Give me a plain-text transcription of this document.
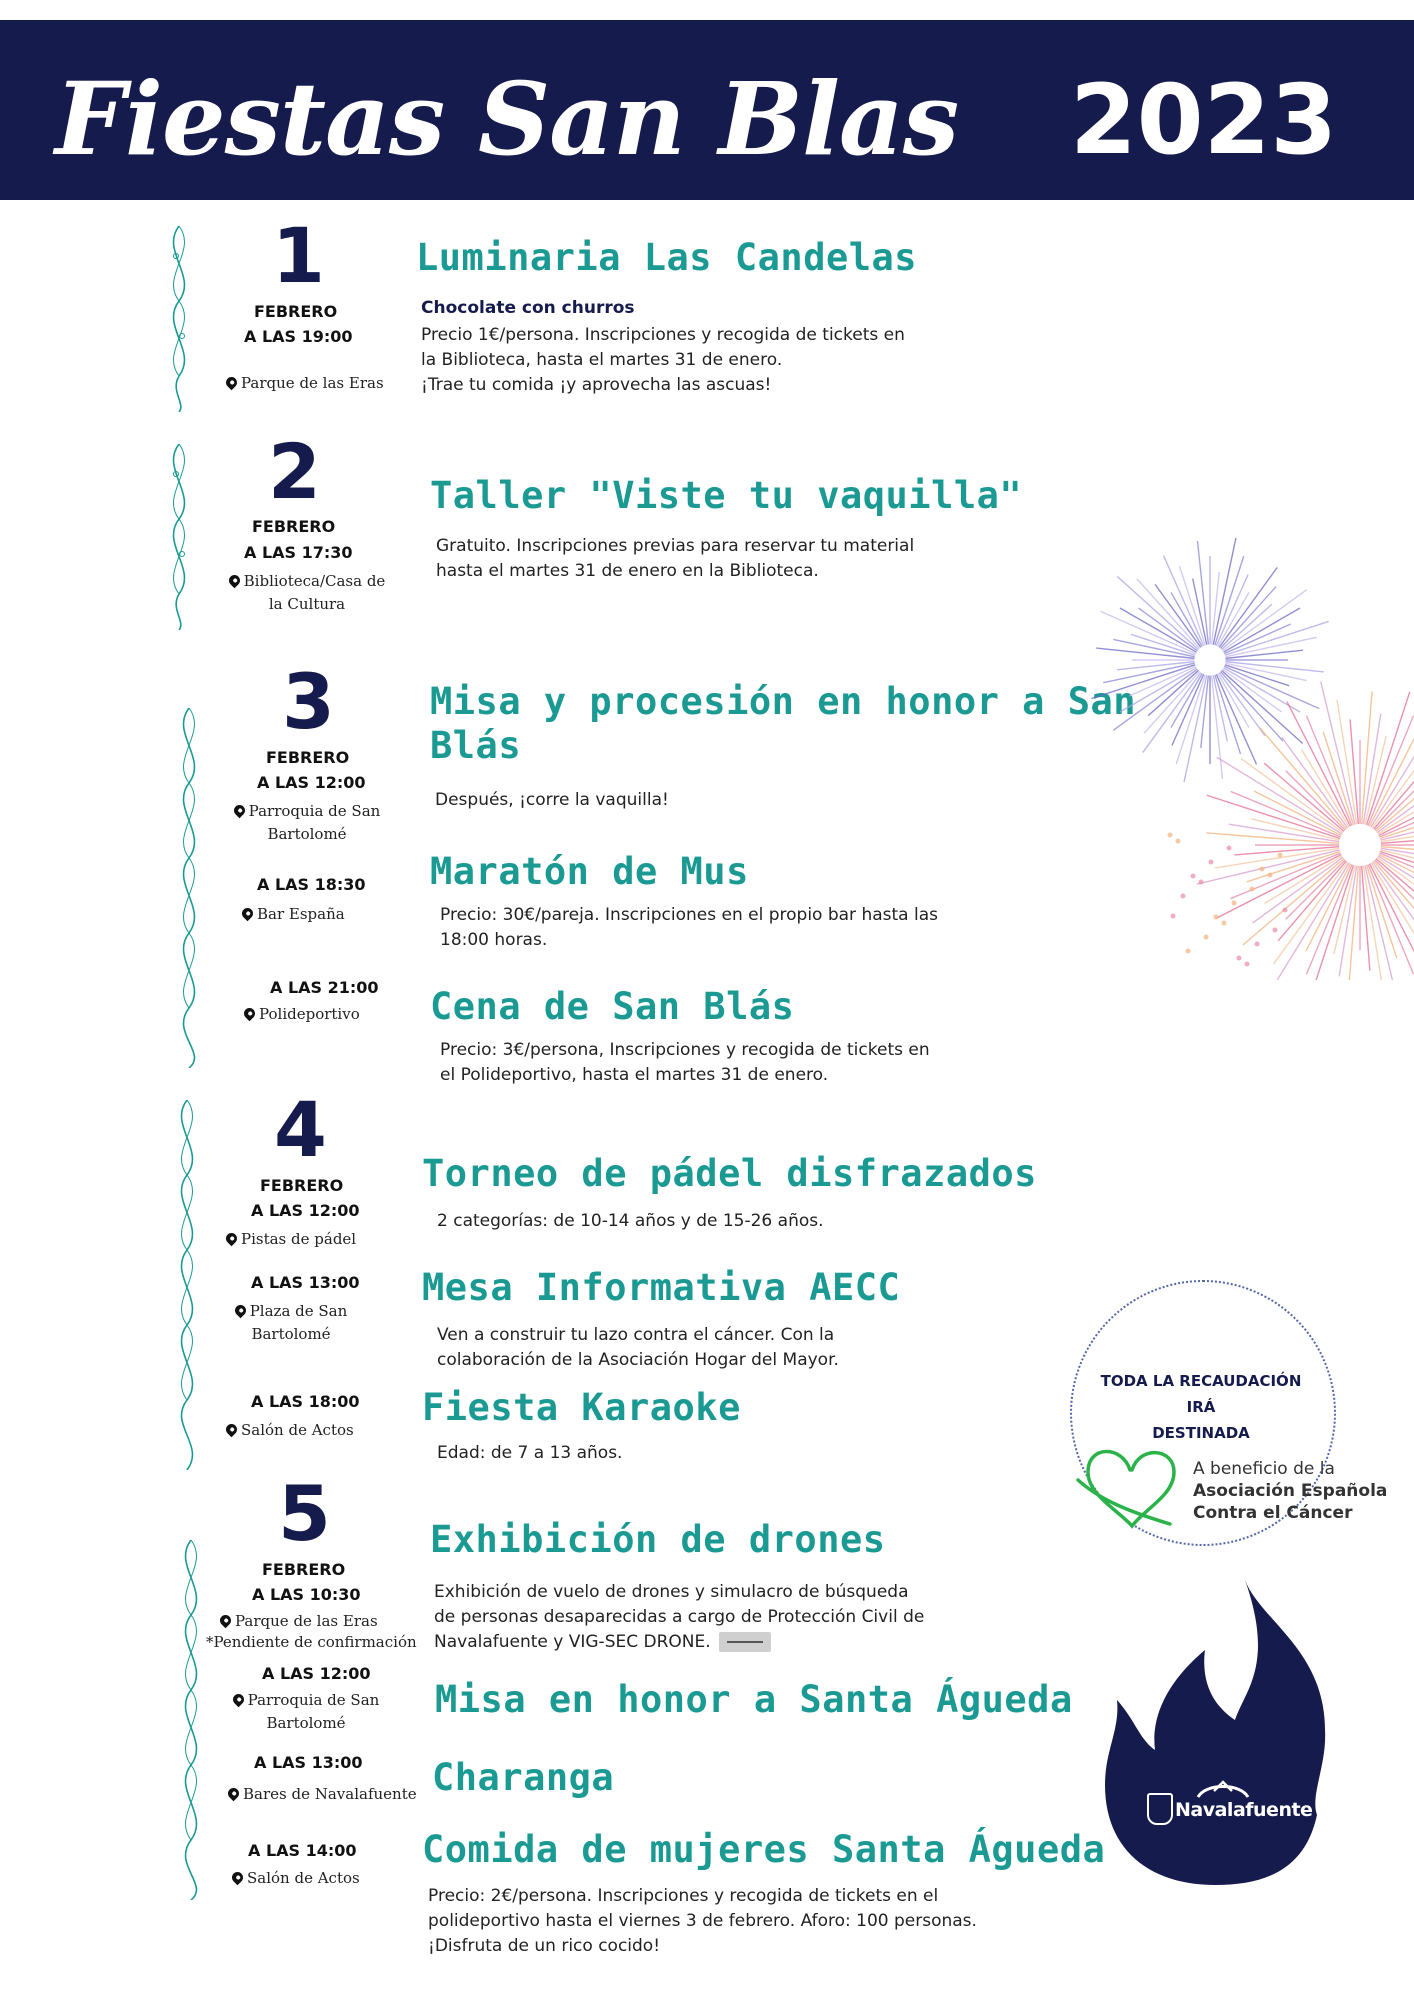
Fiestas San Blas 2023
1
FEBRERO
A LAS 19:00
Parque de las Eras
Luminaria Las Candelas
Chocolate con churros
Precio 1€/persona. Inscripciones y recogida de tickets en
la Biblioteca, hasta el martes 31 de enero.
¡Trae tu comida ¡y aprovecha las ascuas!
2
FEBRERO
A LAS 17:30
Biblioteca/Casa de
la Cultura
Taller "Viste tu vaquilla"
Gratuito. Inscripciones previas para reservar tu material
hasta el martes 31 de enero en la Biblioteca.
3
FEBRERO
A LAS 12:00
Parroquia de San
Bartolomé
A LAS 18:30
Bar España
A LAS 21:00
Polideportivo
Misa y procesión en honor a San
Blás
Después, ¡corre la vaquilla!
Maratón de Mus
Precio: 30€/pareja. Inscripciones en el propio bar hasta las
18:00 horas.
Cena de San Blás
Precio: 3€/persona, Inscripciones y recogida de tickets en
el Polideportivo, hasta el martes 31 de enero.
4
FEBRERO
A LAS 12:00
Pistas de pádel
A LAS 13:00
Plaza de San
Bartolomé
A LAS 18:00
Salón de Actos
Torneo de pádel disfrazados
2 categorías: de 10-14 años y de 15-26 años.
Mesa Informativa AECC
Ven a construir tu lazo contra el cáncer. Con la
colaboración de la Asociación Hogar del Mayor.
Fiesta Karaoke
Edad: de 7 a 13 años.
5
FEBRERO
A LAS 10:30
Parque de las Eras
*Pendiente de confirmación
A LAS 12:00
Parroquia de San
Bartolomé
A LAS 13:00
Bares de Navalafuente
A LAS 14:00
Salón de Actos
Exhibición de drones
Exhibición de vuelo de drones y simulacro de búsqueda
de personas desaparecidas a cargo de Protección Civil de
Navalafuente y VIG-SEC DRONE.
Misa en honor a Santa Águeda
Charanga
Comida de mujeres Santa Águeda
Precio: 2€/persona. Inscripciones y recogida de tickets en el
polideportivo hasta el viernes 3 de febrero. Aforo: 100 personas.
¡Disfruta de un rico cocido!
TODA LA RECAUDACIÓN IRÁ
DESTINADA
A beneficio de la
Asociación Española
Contra el Cáncer
Navalafuente
